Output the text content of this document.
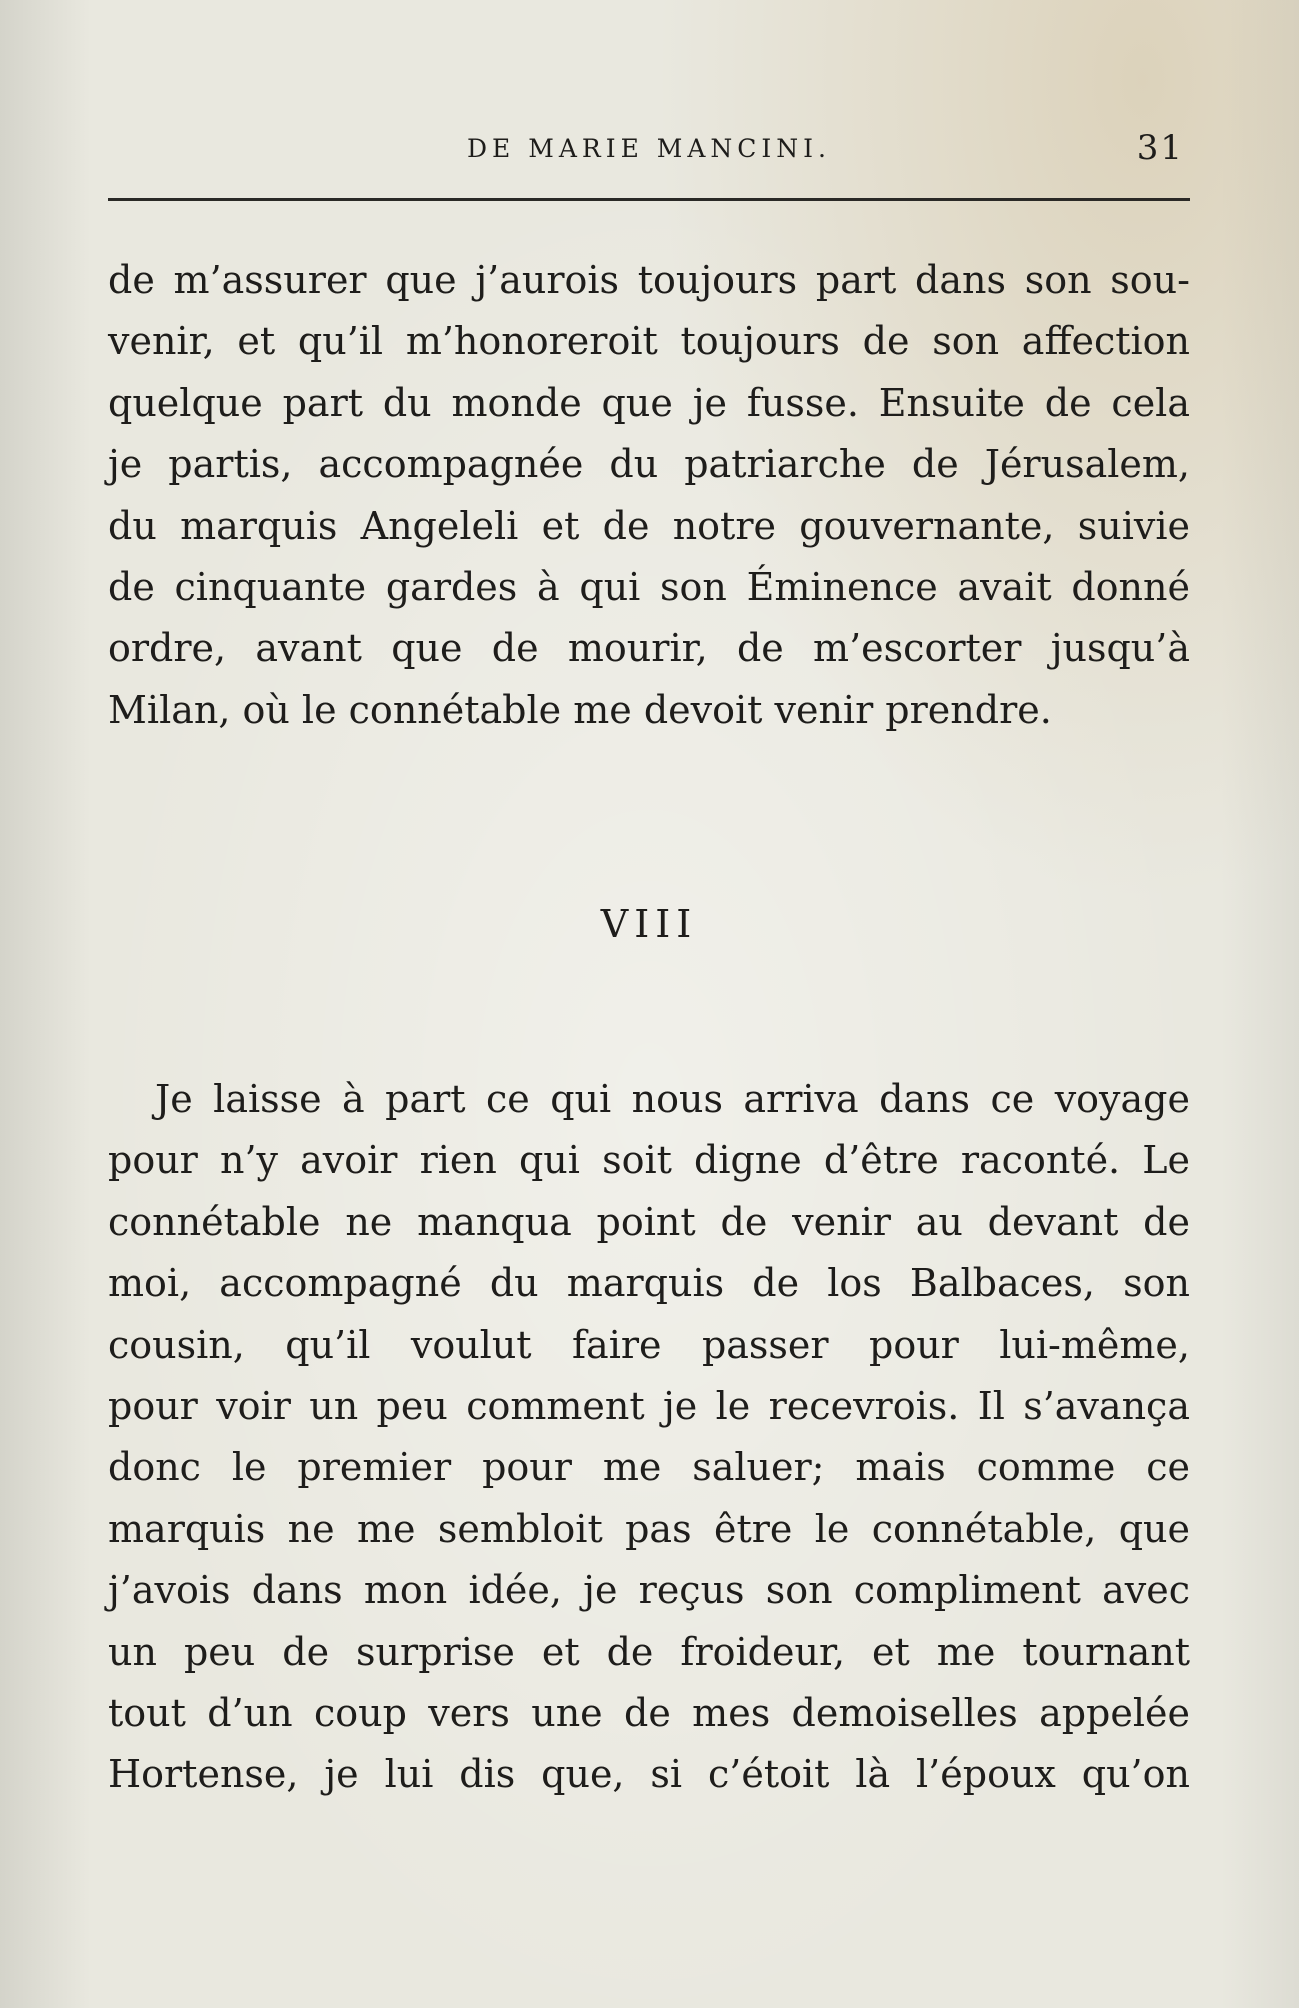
DE MARIE MANCINI.	31

de m’assurer que j’aurois toujours part dans son sou-
venir, et qu’il m’honoreroit toujours de son affection
quelque part du monde que je fusse. Ensuite de cela
je partis, accompagnée du patriarche de Jérusalem,
du marquis Angeleli et de notre gouvernante, suivie
de cinquante gardes à qui son Éminence avait donné
ordre, avant que de mourir, de m’escorter jusqu’à
Milan, où le connétable me devoit venir prendre.

VIII

Je laisse à part ce qui nous arriva dans ce voyage
pour n’y avoir rien qui soit digne d’être raconté. Le
connétable ne manqua point de venir au devant de
moi, accompagné du marquis de los Balbaces, son
cousin, qu’il voulut faire passer pour lui-même,
pour voir un peu comment je le recevrois. Il s’avança
donc le premier pour me saluer; mais comme ce
marquis ne me sembloit pas être le connétable, que
j’avois dans mon idée, je reçus son compliment avec
un peu de surprise et de froideur, et me tournant
tout d’un coup vers une de mes demoiselles appelée
Hortense, je lui dis que, si c’étoit là l’époux qu’on
